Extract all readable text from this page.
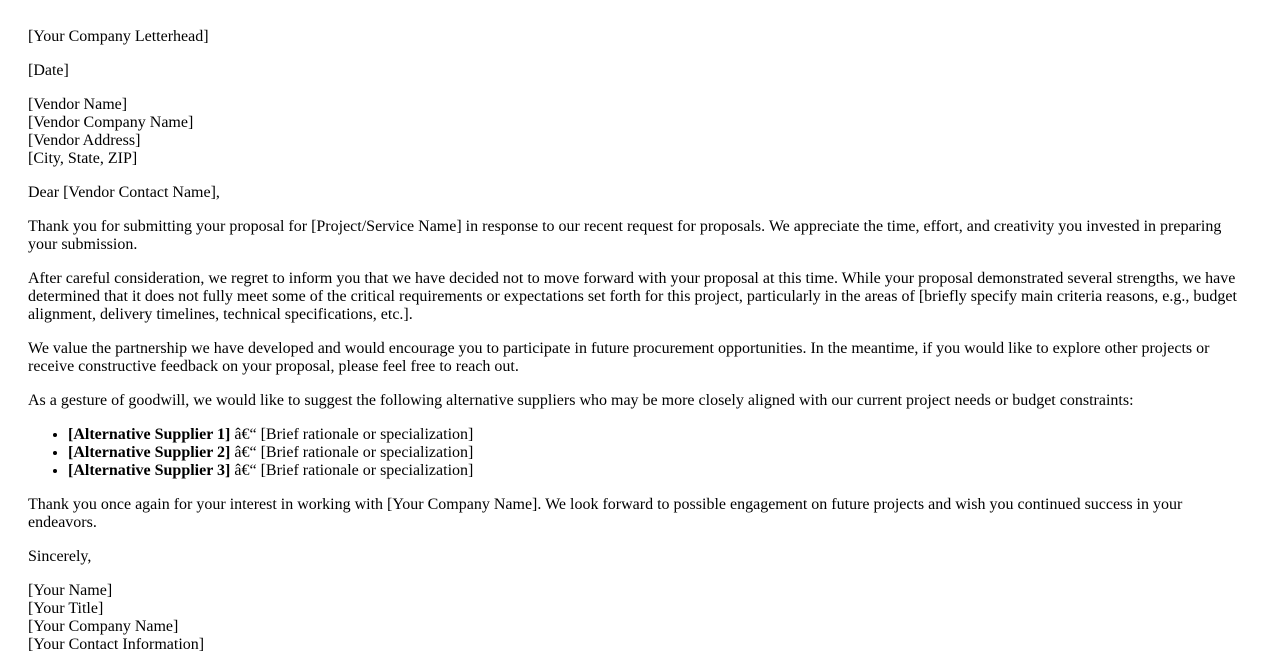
[Your Company Letterhead]

[Date]

[Vendor Name]
[Vendor Company Name]
[Vendor Address]
[City, State, ZIP]

Dear [Vendor Contact Name],

Thank you for submitting your proposal for [Project/Service Name] in response to our recent request for proposals. We appreciate the time, effort, and creativity you invested in preparing your submission.

After careful consideration, we regret to inform you that we have decided not to move forward with your proposal at this time. While your proposal demonstrated several strengths, we have determined that it does not fully meet some of the critical requirements or expectations set forth for this project, particularly in the areas of [briefly specify main criteria reasons, e.g., budget alignment, delivery timelines, technical specifications, etc.].

We value the partnership we have developed and would encourage you to participate in future procurement opportunities. In the meantime, if you would like to explore other projects or receive constructive feedback on your proposal, please feel free to reach out.

As a gesture of goodwill, we would like to suggest the following alternative suppliers who may be more closely aligned with our current project needs or budget constraints:

• [Alternative Supplier 1] â€“ [Brief rationale or specialization]
• [Alternative Supplier 2] â€“ [Brief rationale or specialization]
• [Alternative Supplier 3] â€“ [Brief rationale or specialization]

Thank you once again for your interest in working with [Your Company Name]. We look forward to possible engagement on future projects and wish you continued success in your endeavors.

Sincerely,

[Your Name]
[Your Title]
[Your Company Name]
[Your Contact Information]
